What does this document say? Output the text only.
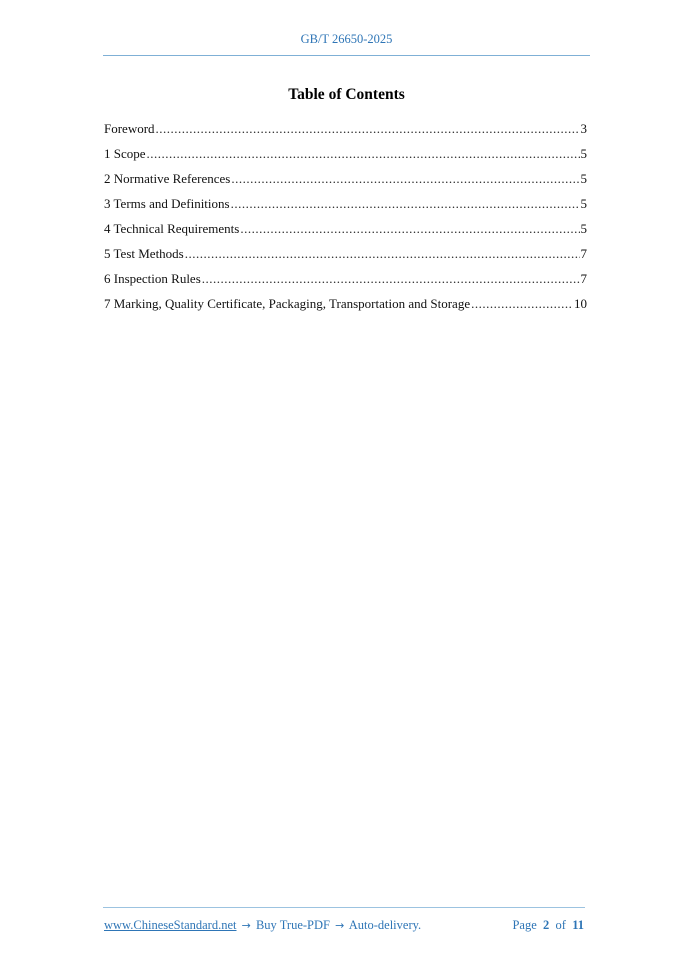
GB/T 26650-2025
Table of Contents
Foreword .....	3
1 Scope .....	5
2 Normative References .....	5
3 Terms and Definitions .....	5
4 Technical Requirements .....	5
5 Test Methods .....	7
6 Inspection Rules .....	7
7 Marking, Quality Certificate, Packaging, Transportation and Storage .....	10
www.ChineseStandard.net → Buy True-PDF → Auto-delivery.	Page 2 of 11
